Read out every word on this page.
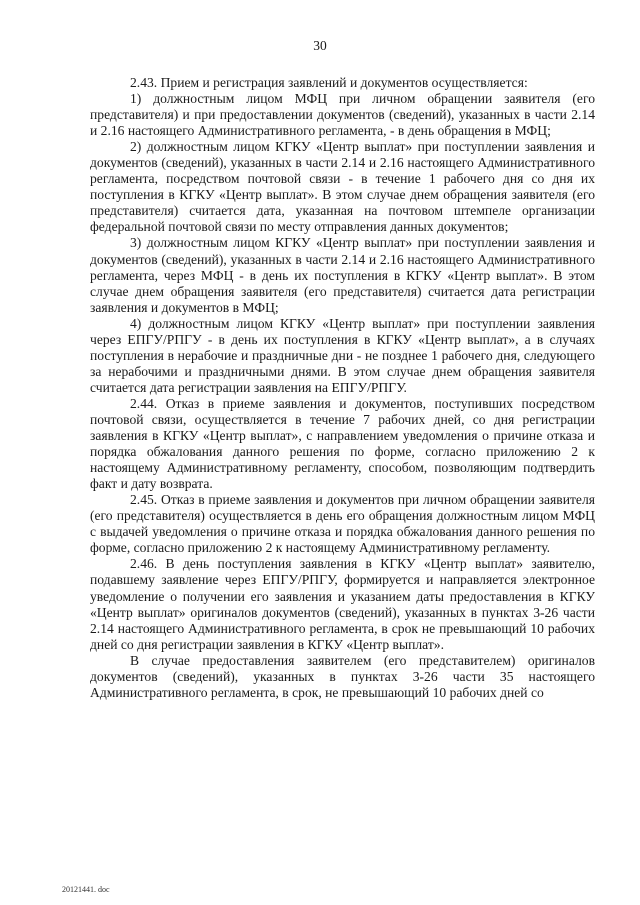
30

2.43. Прием и регистрация заявлений и документов осуществляется:

1) должностным лицом МФЦ при личном обращении заявителя (его представителя) и при предоставлении документов (сведений), указанных в части 2.14 и 2.16 настоящего Административного регламента, - в день обращения в МФЦ;

2) должностным лицом КГКУ «Центр выплат» при поступлении заявления и документов (сведений), указанных в части 2.14 и 2.16 настоящего Административного регламента, посредством почтовой связи - в течение 1 рабочего дня со дня их поступления в КГКУ «Центр выплат». В этом случае днем обращения заявителя (его представителя) считается дата, указанная на почтовом штемпеле организации федеральной почтовой связи по месту отправления данных документов;

3) должностным лицом КГКУ «Центр выплат» при поступлении заявления и документов (сведений), указанных в части 2.14 и 2.16 настоящего Административного регламента, через МФЦ - в день их поступления в КГКУ «Центр выплат». В этом случае днем обращения заявителя (его представителя) считается дата регистрации заявления и документов в МФЦ;

4) должностным лицом КГКУ «Центр выплат» при поступлении заявления через ЕПГУ/РПГУ - в день их поступления в КГКУ «Центр выплат», а в случаях поступления в нерабочие и праздничные дни - не позднее 1 рабочего дня, следующего за нерабочими и праздничными днями. В этом случае днем обращения заявителя считается дата регистрации заявления на ЕПГУ/РПГУ.

2.44. Отказ в приеме заявления и документов, поступивших посредством почтовой связи, осуществляется в течение 7 рабочих дней, со дня регистрации заявления в КГКУ «Центр выплат», с направлением уведомления о причине отказа и порядка обжалования данного решения по форме, согласно приложению 2 к настоящему Административному регламенту, способом, позволяющим подтвердить факт и дату возврата.

2.45. Отказ в приеме заявления и документов при личном обращении заявителя (его представителя) осуществляется в день его обращения должностным лицом МФЦ с выдачей уведомления о причине отказа и порядка обжалования данного решения по форме, согласно приложению 2 к настоящему Административному регламенту.

2.46. В день поступления заявления в КГКУ «Центр выплат» заявителю, подавшему заявление через ЕПГУ/РПГУ, формируется и направляется электронное уведомление о получении его заявления и указанием даты предоставления в КГКУ «Центр выплат» оригиналов документов (сведений), указанных в пунктах 3-26 части 2.14 настоящего Административного регламента, в срок не превышающий 10 рабочих дней со дня регистрации заявления в КГКУ «Центр выплат».

В случае предоставления заявителем (его представителем) оригиналов документов (сведений), указанных в пунктах 3-26 части 35 настоящего Административного регламента, в срок, не превышающий 10 рабочих дней со

20121441. doc
